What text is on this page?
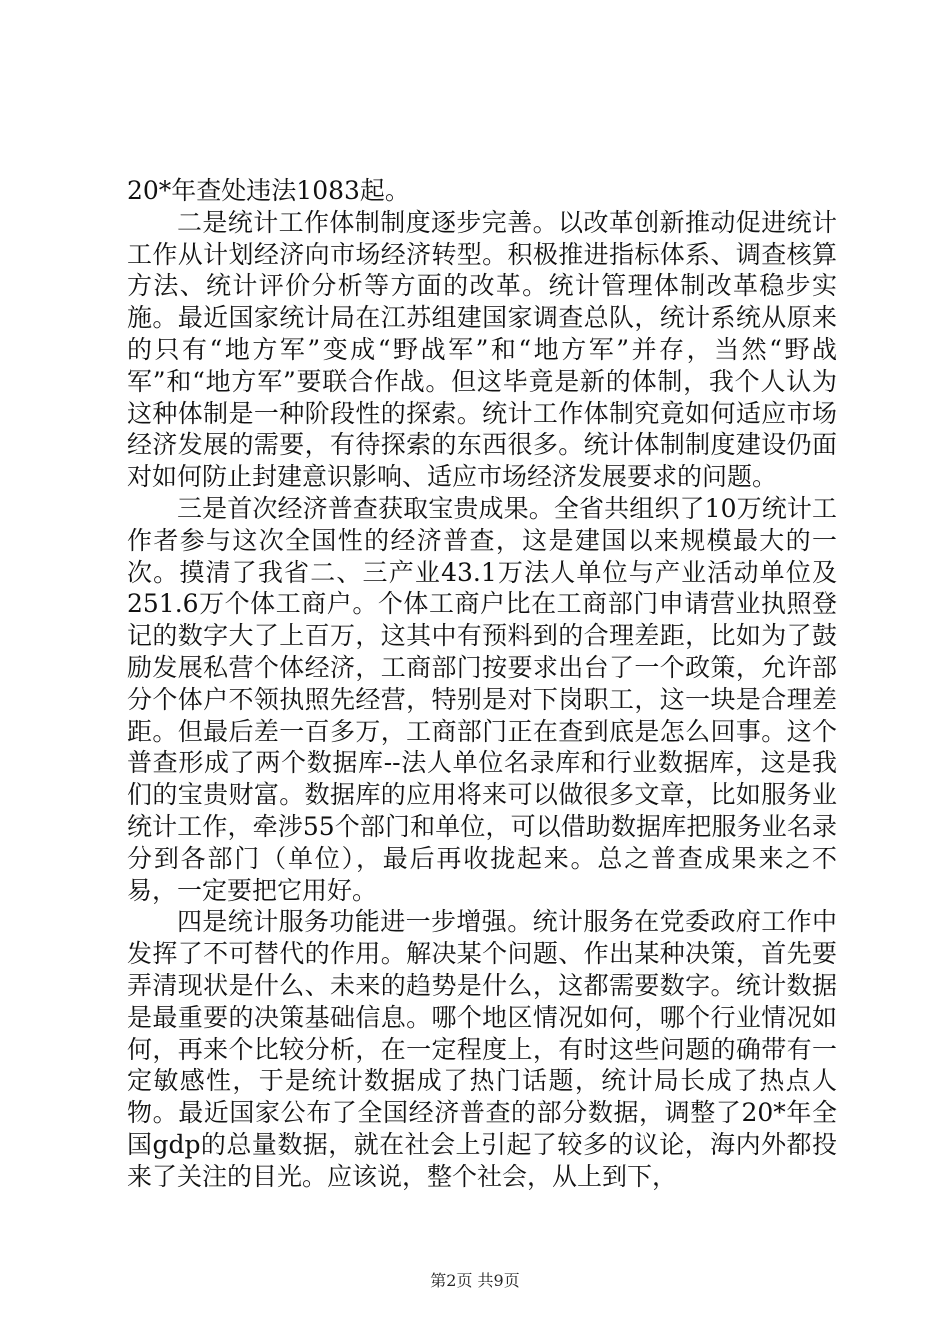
20*年查处违法1083起。

二是统计工作体制制度逐步完善。以改革创新推动促进统计工作从计划经济向市场经济转型。积极推进指标体系、调查核算方法、统计评价分析等方面的改革。统计管理体制改革稳步实施。最近国家统计局在江苏组建国家调查总队，统计系统从原来的只有“地方军”变成“野战军”和“地方军”并存，当然“野战军”和“地方军”要联合作战。但这毕竟是新的体制，我个人认为这种体制是一种阶段性的探索。统计工作体制究竟如何适应市场经济发展的需要，有待探索的东西很多。统计体制制度建设仍面对如何防止封建意识影响、适应市场经济发展要求的问题。

三是首次经济普查获取宝贵成果。全省共组织了10万统计工作者参与这次全国性的经济普查，这是建国以来规模最大的一次。摸清了我省二、三产业43.1万法人单位与产业活动单位及251.6万个体工商户。个体工商户比在工商部门申请营业执照登记的数字大了上百万，这其中有预料到的合理差距，比如为了鼓励发展私营个体经济，工商部门按要求出台了一个政策，允许部分个体户不领执照先经营，特别是对下岗职工，这一块是合理差距。但最后差一百多万，工商部门正在查到底是怎么回事。这个普查形成了两个数据库--法人单位名录库和行业数据库，这是我们的宝贵财富。数据库的应用将来可以做很多文章，比如服务业统计工作，牵涉55个部门和单位，可以借助数据库把服务业名录分到各部门（单位），最后再收拢起来。总之普查成果来之不易，一定要把它用好。

四是统计服务功能进一步增强。统计服务在党委政府工作中发挥了不可替代的作用。解决某个问题、作出某种决策，首先要弄清现状是什么、未来的趋势是什么，这都需要数字。统计数据是最重要的决策基础信息。哪个地区情况如何，哪个行业情况如何，再来个比较分析，在一定程度上，有时这些问题的确带有一定敏感性，于是统计数据成了热门话题，统计局长成了热点人物。最近国家公布了全国经济普查的部分数据，调整了20*年全国gdp的总量数据，就在社会上引起了较多的议论，海内外都投来了关注的目光。应该说，整个社会，从上到下，

第2页 共9页
